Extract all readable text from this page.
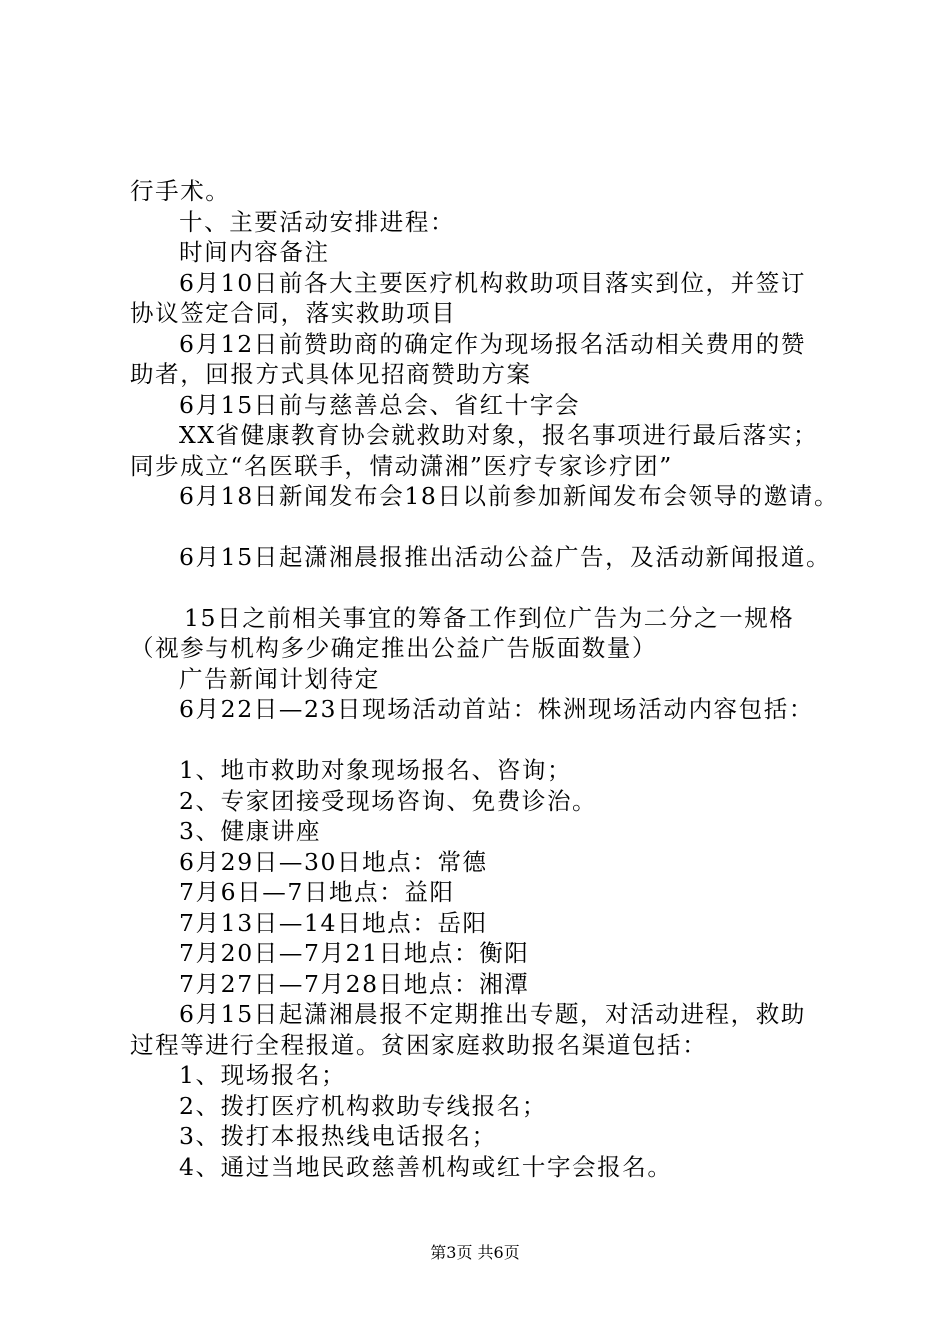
行手术。
十、主要活动安排进程：
时间内容备注
6月10日前各大主要医疗机构救助项目落实到位，并签订
协议签定合同，落实救助项目
6月12日前赞助商的确定作为现场报名活动相关费用的赞
助者，回报方式具体见招商赞助方案
6月15日前与慈善总会、省红十字会
XX省健康教育协会就救助对象，报名事项进行最后落实；
同步成立“名医联手，情动潇湘”医疗专家诊疗团”
6月18日新闻发布会18日以前参加新闻发布会领导的邀请。
6月15日起潇湘晨报推出活动公益广告，及活动新闻报道。
15日之前相关事宜的筹备工作到位广告为二分之一规格
（视参与机构多少确定推出公益广告版面数量）
广告新闻计划待定
6月22日—23日现场活动首站：株洲现场活动内容包括：
1、地市救助对象现场报名、咨询；
2、专家团接受现场咨询、免费诊治。
3、健康讲座
6月29日—30日地点：常德
7月6日—7日地点：益阳
7月13日—14日地点：岳阳
7月20日—7月21日地点：衡阳
7月27日—7月28日地点：湘潭
6月15日起潇湘晨报不定期推出专题，对活动进程，救助
过程等进行全程报道。贫困家庭救助报名渠道包括：
1、现场报名；
2、拨打医疗机构救助专线报名；
3、拨打本报热线电话报名；
4、通过当地民政慈善机构或红十字会报名。
第3页 共6页
